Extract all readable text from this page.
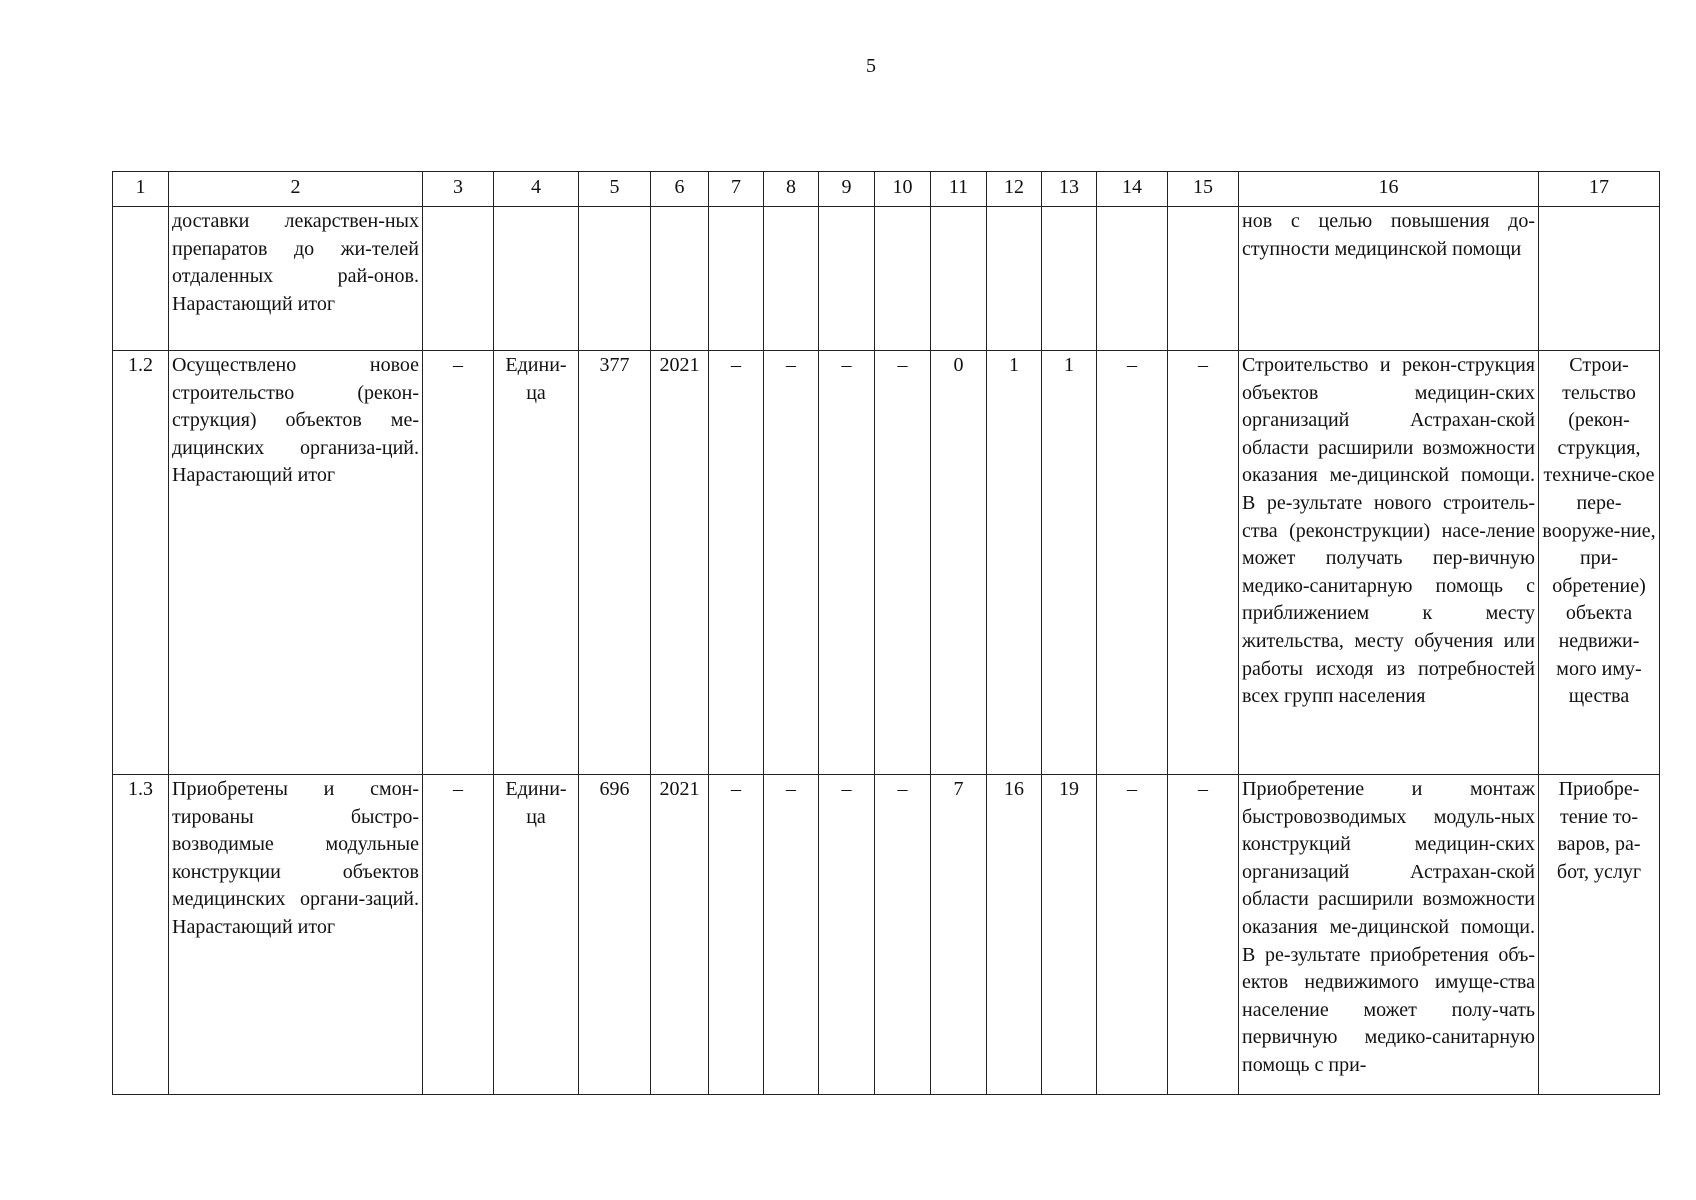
5
1	2	3	4	5	6	7	8	9	10	11	12	13	14	15	16	17
	доставки лекарствен-ных препаратов до жи-телей отдаленных рай-онов. Нарастающий итог														нов с целью повышения до-ступности медицинской помощи	
1.2	Осуществлено новое строительство (рекон-струкция) объектов ме-дицинских организа-ций. Нарастающий итог	–	Едини-ца	377	2021	–	–	–	–	0	1	1	–	–	Строительство и рекон-струкция объектов медицин-ских организаций Астрахан-ской области расширили возможности оказания ме-дицинской помощи. В ре-зультате нового строитель-ства (реконструкции) насе-ление может получать пер-вичную медико-санитарную помощь с приближением к месту жительства, месту обучения или работы исходя из потребностей всех групп населения	Строи-тельство (рекон-струкция, техниче-ское пере-вооруже-ние, при-обретение) объекта недвижи-мого иму-щества
1.3	Приобретены и смон-тированы быстро-возводимые модульные конструкции объектов медицинских органи-заций. Нарастающий итог	–	Едини-ца	696	2021	–	–	–	–	7	16	19	–	–	Приобретение и монтаж быстровозводимых модуль-ных конструкций медицин-ских организаций Астрахан-ской области расширили возможности оказания ме-дицинской помощи. В ре-зультате приобретения объ-ектов недвижимого имуще-ства население может полу-чать первичную медико-санитарную помощь с при-	Приобре-тение то-варов, ра-бот, услуг
